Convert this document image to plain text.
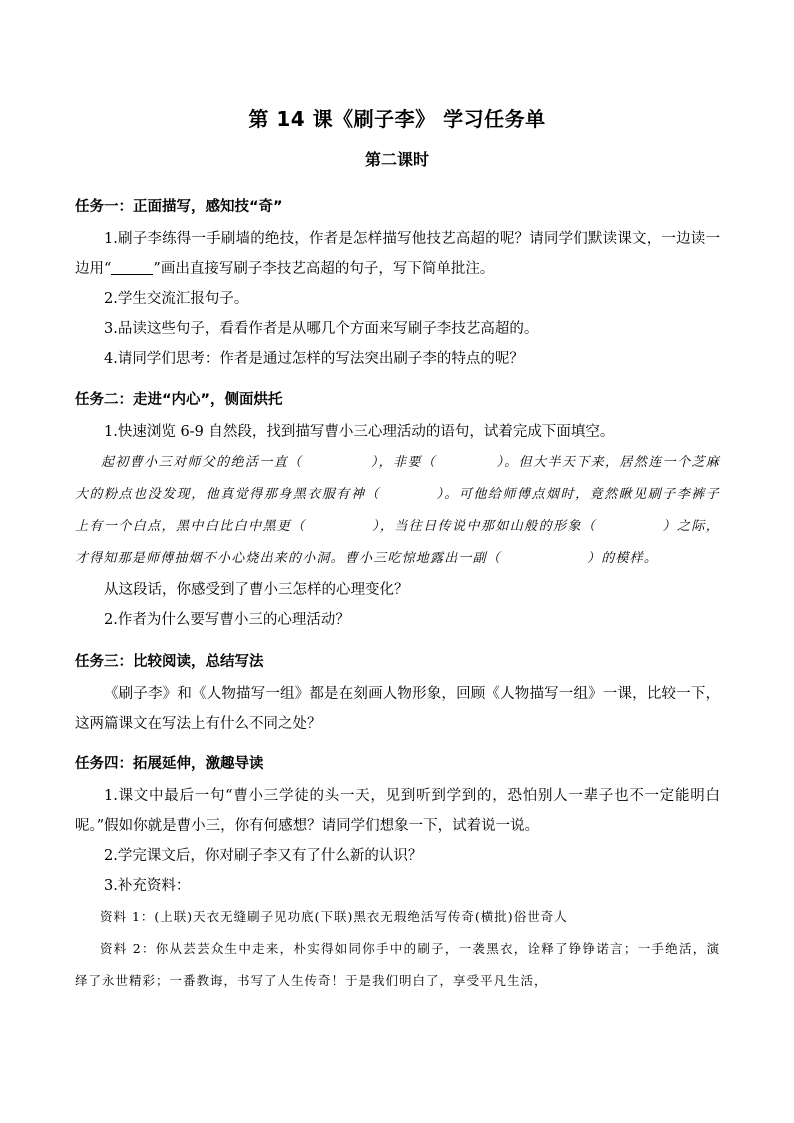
第 14 课《刷子李》 学习任务单
第二课时

任务一：正面描写，感知技“奇”

1.刷子李练得一手刷墙的绝技，作者是怎样描写他技艺高超的呢？请同学们默读课文，一边读一边用“	”画出直接写刷子李技艺高超的句子，写下简单批注。

2.学生交流汇报句子。

3.品读这些句子，看看作者是从哪几个方面来写刷子李技艺高超的。

4.请同学们思考：作者是通过怎样的写法突出刷子李的特点的呢？

任务二：走进“内心”，侧面烘托

1.快速浏览 6-9 自然段，找到描写曹小三心理活动的语句，试着完成下面填空。

起初曹小三对师父的绝活一直（	），非要（	）。但大半天下来，居然连一个芝麻大的粉点也没发现，他真觉得那身黑衣服有神（	）。可他给师傅点烟时，竟然瞅见刷子李裤子上有一个白点，黑中白比白中黑更（	），当往日传说中那如山般的形象（	）之际，才得知那是师傅抽烟不小心烧出来的小洞。曹小三吃惊地露出一副（	）的模样。

从这段话，你感受到了曹小三怎样的心理变化？

2.作者为什么要写曹小三的心理活动？

任务三：比较阅读，总结写法

《刷子李》和《人物描写一组》都是在刻画人物形象，回顾《人物描写一组》一课，比较一下，这两篇课文在写法上有什么不同之处？

任务四：拓展延伸，激趣导读

1.课文中最后一句“曹小三学徒的头一天，见到听到学到的，恐怕别人一辈子也不一定能明白呢。”假如你就是曹小三，你有何感想？请同学们想象一下，试着说一说。

2.学完课文后，你对刷子李又有了什么新的认识？

3.补充资料：

资料 1：(上联)天衣无缝刷子见功底(下联)黑衣无瑕绝活写传奇(横批)俗世奇人

资料 2：你从芸芸众生中走来，朴实得如同你手中的刷子，一袭黑衣，诠释了铮铮诺言；一手绝活，演绎了永世精彩；一番教诲，书写了人生传奇！于是我们明白了，享受平凡生活，
